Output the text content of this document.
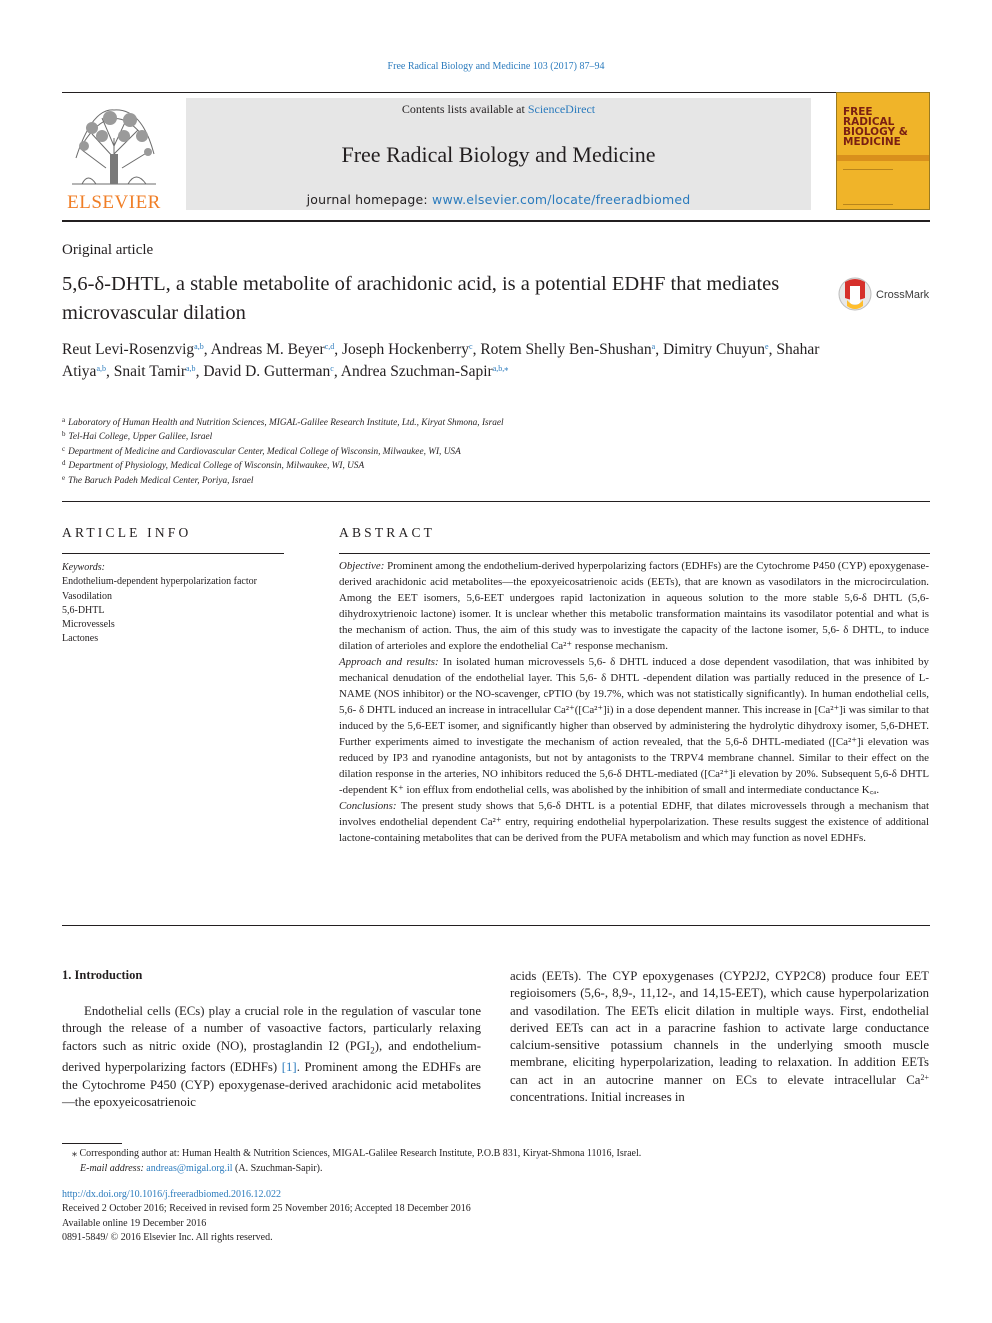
Free Radical Biology and Medicine 103 (2017) 87–94
ELSEVIER
Contents lists available at ScienceDirect
Free Radical Biology and Medicine
journal homepage: www.elsevier.com/locate/freeradbiomed
FREE RADICAL BIOLOGY & MEDICINE
Original article
5,6-δ-DHTL, a stable metabolite of arachidonic acid, is a potential EDHF that mediates microvascular dilation
CrossMark
Reut Levi-Rosenzvig$^{a,b}$, Andreas M. Beyer$^{c,d}$, Joseph Hockenberry$^c$, Rotem Shelly Ben-Shushan$^a$, Dimitry Chuyun$^e$, Shahar Atiya$^{a,b}$, Snait Tamir$^{a,b}$, David D. Gutterman$^c$, Andrea Szuchman-Sapir$^{a,b,⁎}$
$^a$ Laboratory of Human Health and Nutrition Sciences, MIGAL-Galilee Research Institute, Ltd., Kiryat Shmona, Israel
$^b$ Tel-Hai College, Upper Galilee, Israel
$^c$ Department of Medicine and Cardiovascular Center, Medical College of Wisconsin, Milwaukee, WI, USA
$^d$ Department of Physiology, Medical College of Wisconsin, Milwaukee, WI, USA
$^e$ The Baruch Padeh Medical Center, Poriya, Israel
ARTICLE INFO
Keywords:
Endothelium-dependent hyperpolarization factor
Vasodilation
5,6-DHTL
Microvessels
Lactones
ABSTRACT

Objective: Prominent among the endothelium-derived hyperpolarizing factors (EDHFs) are the Cytochrome P450 (CYP) epoxygenase-derived arachidonic acid metabolites—the epoxyeicosatrienoic acids (EETs), that are known as vasodilators in the microcirculation. Among the EET isomers, 5,6-EET undergoes rapid lactonization in aqueous solution to the more stable 5,6-δ DHTL (5,6-dihydroxytrienoic lactone) isomer. It is unclear whether this metabolic transformation maintains its vasodilator potential and what is the mechanism of action. Thus, the aim of this study was to investigate the capacity of the lactone isomer, 5,6- δ DHTL, to induce dilation of arterioles and explore the endothelial Ca²⁺ response mechanism.

Approach and results: In isolated human microvessels 5,6- δ DHTL induced a dose dependent vasodilation, that was inhibited by mechanical denudation of the endothelial layer. This 5,6- δ DHTL -dependent dilation was partially reduced in the presence of L-NAME (NOS inhibitor) or the NO-scavenger, cPTIO (by 19.7%, which was not statistically significantly). In human endothelial cells, 5,6- δ DHTL induced an increase in intracellular Ca²⁺([Ca²⁺]i) in a dose dependent manner. This increase in [Ca²⁺]i was similar to that induced by the 5,6-EET isomer, and significantly higher than observed by administering the hydrolytic dihydroxy isomer, 5,6-DHET. Further experiments aimed to investigate the mechanism of action revealed, that the 5,6-δ DHTL-mediated ([Ca²⁺]i elevation was reduced by IP3 and ryanodine antagonists, but not by antagonists to the TRPV4 membrane channel. Similar to their effect on the dilation response in the arteries, NO inhibitors reduced the 5,6-δ DHTL-mediated ([Ca²⁺]i elevation by 20%. Subsequent 5,6-δ DHTL -dependent K⁺ ion efflux from endothelial cells, was abolished by the inhibition of small and intermediate conductance K꜀ₐ.

Conclusions: The present study shows that 5,6-δ DHTL is a potential EDHF, that dilates microvessels through a mechanism that involves endothelial dependent Ca²⁺ entry, requiring endothelial hyperpolarization. These results suggest the existence of additional lactone-containing metabolites that can be derived from the PUFA metabolism and which may function as novel EDHFs.

1. Introduction
Endothelial cells (ECs) play a crucial role in the regulation of vascular tone through the release of a number of vasoactive factors, particularly relaxing factors such as nitric oxide (NO), prostaglandin I2 $(PGI_2)$, and endothelium-derived hyperpolarizing factors (EDHFs) [1]. Prominent among the EDHFs are the Cytochrome P450 (CYP) epoxygenase-derived arachidonic acid metabolites—the epoxyeicosatrienoic
acids (EETs). The CYP epoxygenases (CYP2J2, CYP2C8) produce four EET regioisomers (5,6-, 8,9-, 11,12-, and 14,15-EET), which cause hyperpolarization and vasodilation. The EETs elicit dilation in multiple ways. First, endothelial derived EETs can act in a paracrine fashion to activate large conductance calcium-sensitive potassium channels in the underlying smooth muscle membrane, eliciting hyperpolarization, leading to relaxation. In addition EETs can act in an autocrine manner on ECs to elevate intracellular $Ca^{2+}$ concentrations. Initial increases in
⁎ Corresponding author at: Human Health & Nutrition Sciences, MIGAL-Galilee Research Institute, P.O.B 831, Kiryat-Shmona 11016, Israel.
E-mail address: andreas@migal.org.il (A. Szuchman-Sapir).
http://dx.doi.org/10.1016/j.freeradbiomed.2016.12.022
Received 2 October 2016; Received in revised form 25 November 2016; Accepted 18 December 2016
Available online 19 December 2016
0891-5849/ © 2016 Elsevier Inc. All rights reserved.
